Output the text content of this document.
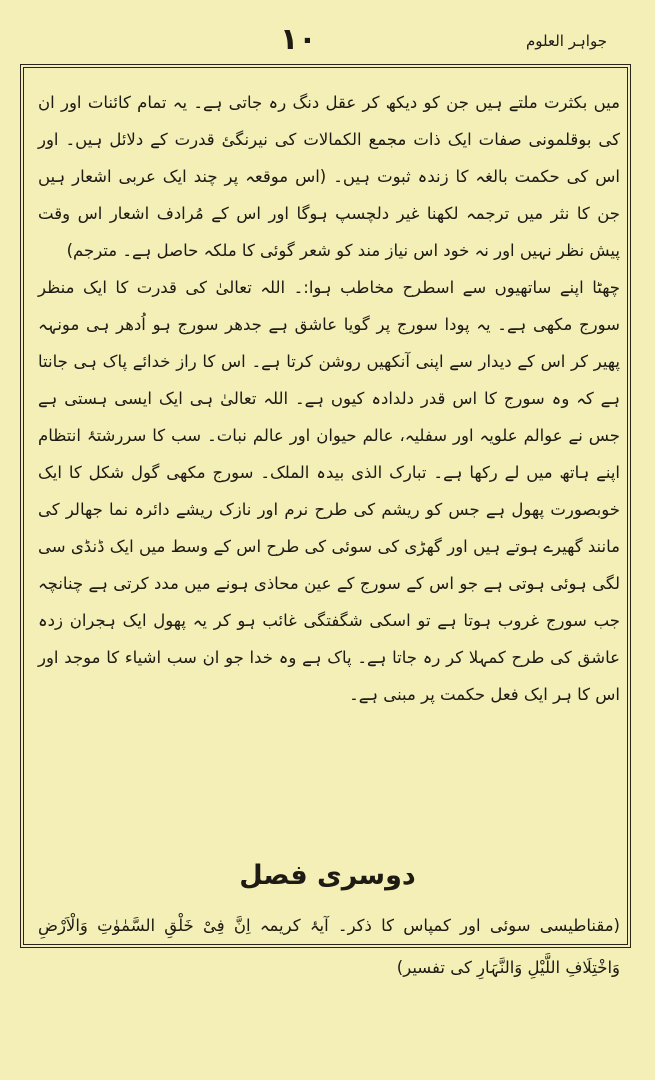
جواہر العلوم
١٠

میں بکثرت ملتے ہیں جن کو دیکھ کر عقل دنگ رہ جاتی ہے۔ یہ تمام کائنات اور ان کی بوقلمونی صفات ایک ذات مجمع الکمالات کی نیرنگئ قدرت کے دلائل ہیں۔ اور اس کی حکمت بالغہ کا زندہ ثبوت ہیں۔ (اس موقعہ پر چند ایک عربی اشعار ہیں جن کا نثر میں ترجمہ لکھنا غیر دلچسپ ہوگا اور اس کے مُرادف اشعار اس وقت پیش نظر نہیں اور نہ خود اس نیاز مند کو شعر گوئی کا ملکہ حاصل ہے۔ مترجم)

چھٹا اپنے ساتھیوں سے اسطرح مخاطب ہوا:۔ اللہ تعالیٰ کی قدرت کا ایک منظر سورج مکھی ہے۔ یہ پودا سورج پر گویا عاشق ہے جدھر سورج ہو اُدھر ہی مونہہ پھیر کر اس کے دیدار سے اپنی آنکھیں روشن کرتا ہے۔ اس کا راز خدائے پاک ہی جانتا ہے کہ وہ سورج کا اس قدر دلدادہ کیوں ہے۔ اللہ تعالیٰ ہی ایک ایسی ہستی ہے جس نے عوالم علویہ اور سفلیہ، عالم حیوان اور عالم نبات۔ سب کا سررشتۂ انتظام اپنے ہاتھ میں لے رکھا ہے۔ تبارک الذی بیدہ الملک۔ سورج مکھی گول شکل کا ایک خوبصورت پھول ہے جس کو ریشم کی طرح نرم اور نازک ریشے دائرہ نما جھالر کی مانند گھیرے ہوتے ہیں اور گھڑی کی سوئی کی طرح اس کے وسط میں ایک ڈنڈی سی لگی ہوئی ہوتی ہے جو اس کے سورج کے عین محاذی ہونے میں مدد کرتی ہے چنانچہ جب سورج غروب ہوتا ہے تو اسکی شگفتگی غائب ہو کر یہ پھول ایک ہجران زدہ عاشق کی طرح کمہلا کر رہ جاتا ہے۔ پاک ہے وہ خدا جو ان سب اشیاء کا موجد اور اس کا ہر ایک فعل حکمت پر مبنی ہے۔

دوسری فصل
(مقناطیسی سوئی اور کمپاس کا ذکر۔ آیۂ کریمہ اِنَّ فِیْ خَلْقِ السَّمٰوٰتِ وَالْاَرْضِ وَاخْتِلَافِ اللَّیْلِ وَالنَّہَارِ کی تفسیر)
